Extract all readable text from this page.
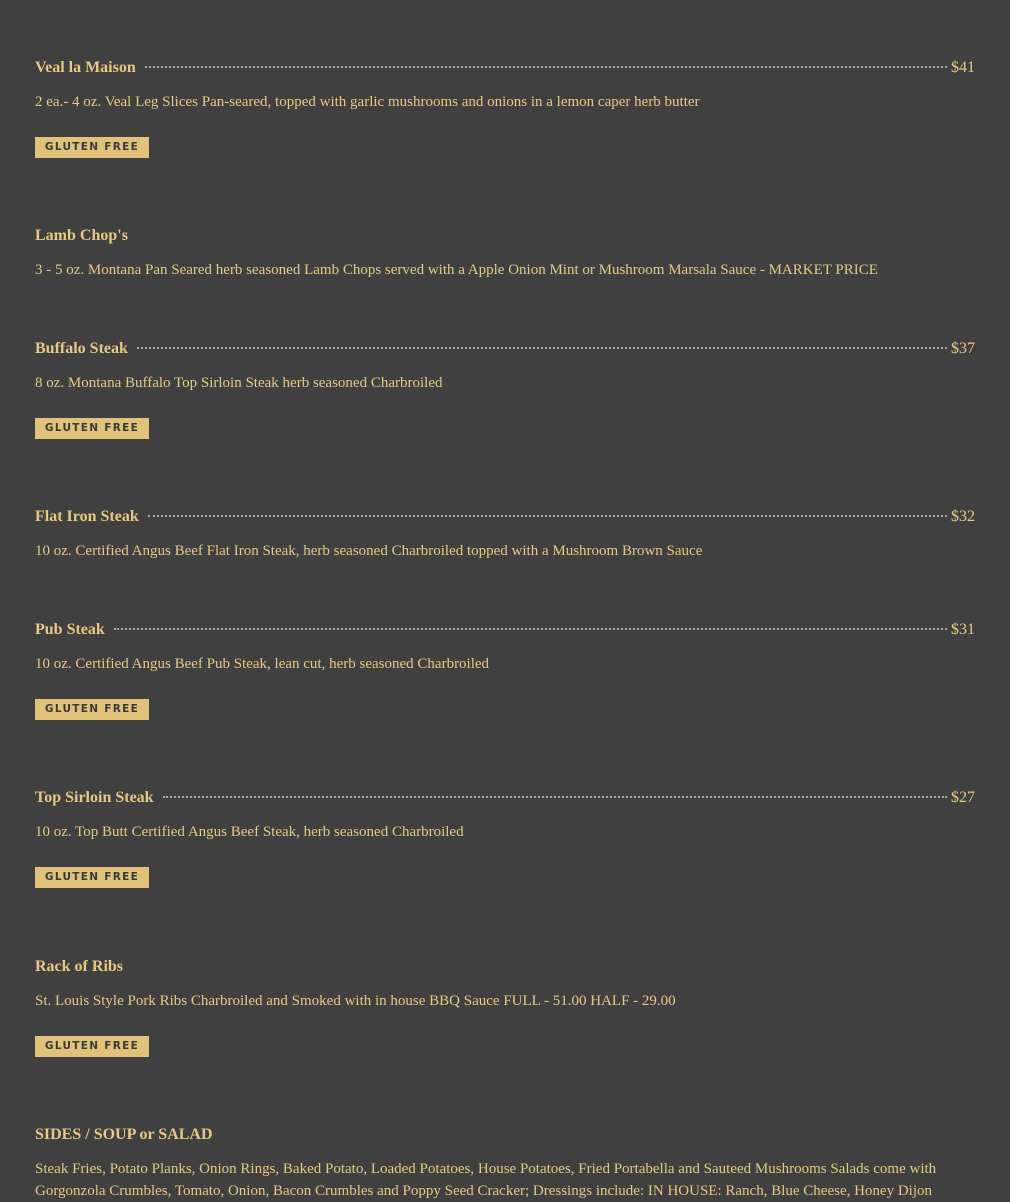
Veal la Maison	$41
2 ea.- 4 oz. Veal Leg Slices Pan-seared, topped with garlic mushrooms and onions in a lemon caper herb butter
GLUTEN FREE
Lamb Chop's
3 - 5 oz. Montana Pan Seared herb seasoned Lamb Chops served with a Apple Onion Mint or Mushroom Marsala Sauce - MARKET PRICE
Buffalo Steak	$37
8 oz. Montana Buffalo Top Sirloin Steak herb seasoned Charbroiled
GLUTEN FREE
Flat Iron Steak	$32
10 oz. Certified Angus Beef Flat Iron Steak, herb seasoned Charbroiled topped with a Mushroom Brown Sauce
Pub Steak	$31
10 oz. Certified Angus Beef Pub Steak, lean cut, herb seasoned Charbroiled
GLUTEN FREE
Top Sirloin Steak	$27
10 oz. Top Butt Certified Angus Beef Steak, herb seasoned Charbroiled
GLUTEN FREE
Rack of Ribs
St. Louis Style Pork Ribs Charbroiled and Smoked with in house BBQ Sauce FULL - 51.00 HALF - 29.00
GLUTEN FREE
SIDES / SOUP or SALAD
Steak Fries, Potato Planks, Onion Rings, Baked Potato, Loaded Potatoes, House Potatoes, Fried Portabella and Sauteed Mushrooms Salads come with Gorgonzola Crumbles, Tomato, Onion, Bacon Crumbles and Poppy Seed Cracker; Dressings include: IN HOUSE: Ranch, Blue Cheese, Honey Dijon
